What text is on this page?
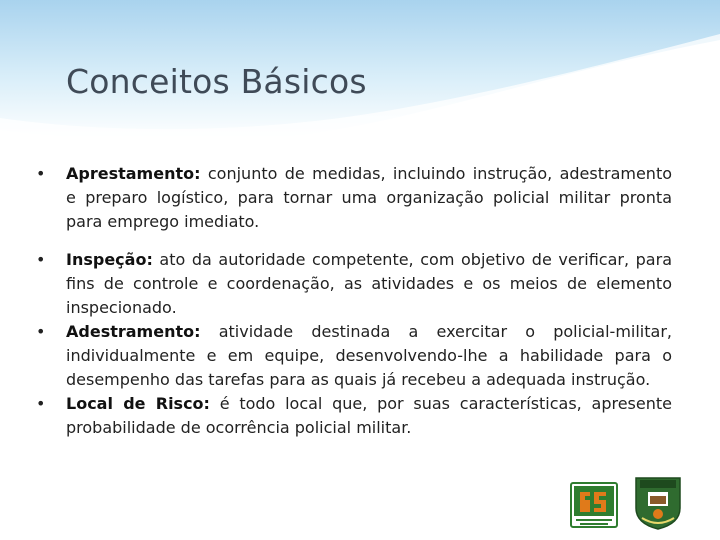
Conceitos Básicos
•	Aprestamento: conjunto de medidas, incluindo instrução, adestramento e preparo logístico, para tornar uma organização policial militar pronta para emprego imediato.
•	Inspeção: ato da autoridade competente, com objetivo de verificar, para fins de controle e coordenação, as atividades e os meios de elemento inspecionado.
•	Adestramento: atividade destinada a exercitar o policial-militar, individualmente e em equipe, desenvolvendo-lhe a habilidade para o desempenho das tarefas para as quais já recebeu a adequada instrução.
•	Local de Risco: é todo local que, por suas características, apresente probabilidade de ocorrência policial militar.
